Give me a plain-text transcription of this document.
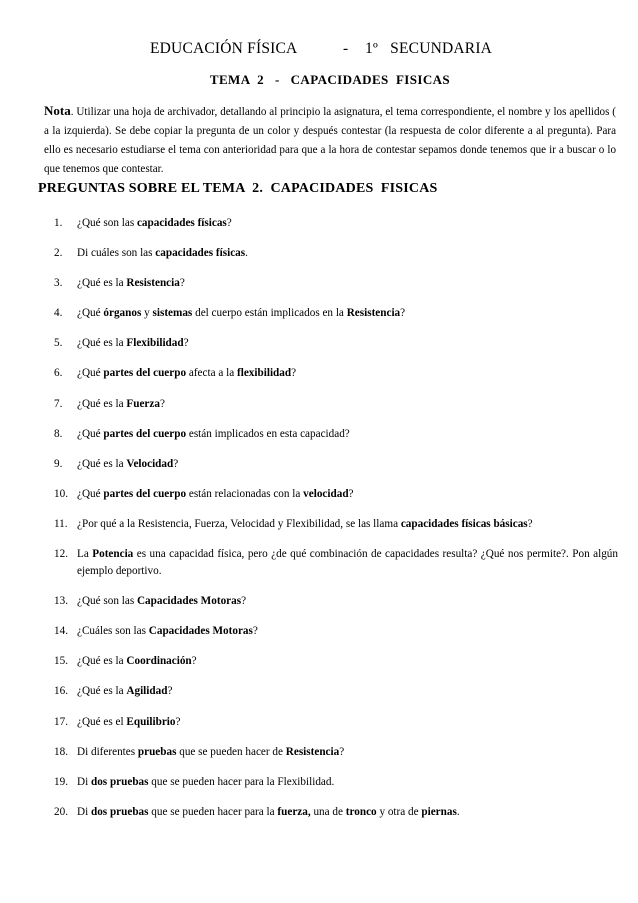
EDUCACIÓN FÍSICA	- 1º   SECUNDARIA
TEMA  2   -   CAPACIDADES  FISICAS
Nota. Utilizar una hoja de archivador, detallando al principio la asignatura, el tema correspondiente, el nombre y los apellidos ( a la izquierda). Se debe copiar la pregunta de un color y después contestar (la respuesta de color diferente a al pregunta). Para ello es necesario estudiarse el tema con anterioridad para que a la hora de contestar sepamos donde tenemos que ir a buscar o lo que tenemos que contestar.
PREGUNTAS SOBRE EL TEMA  2.  CAPACIDADES  FISICAS
1.	¿Qué son las capacidades físicas?
2.	Di cuáles son las capacidades físicas.
3.	¿Qué es la Resistencia?
4.	¿Qué órganos y sistemas del cuerpo están implicados en la Resistencia?
5.	¿Qué es la Flexibilidad?
6.	¿Qué partes del cuerpo afecta a la flexibilidad?
7.	¿Qué es la Fuerza?
8.	¿Qué partes del cuerpo están implicados en esta capacidad?
9.	¿Qué es la Velocidad?
10. ¿Qué partes del cuerpo están relacionadas con la velocidad?
11. ¿Por qué a la Resistencia, Fuerza, Velocidad y Flexibilidad, se las llama capacidades físicas básicas?
12. La Potencia es una capacidad física, pero ¿de qué combinación de capacidades resulta? ¿Qué nos permite?. Pon algún ejemplo deportivo.
13. ¿Qué son las Capacidades Motoras?
14. ¿Cuáles son las Capacidades Motoras?
15. ¿Qué es la Coordinación?
16. ¿Qué es la Agilidad?
17. ¿Qué es el Equilibrio?
18. Di diferentes pruebas que se pueden hacer de Resistencia?
19. Di dos pruebas que se pueden hacer para la Flexibilidad.
20. Di dos pruebas que se pueden hacer para la fuerza, una de tronco y otra de piernas.
